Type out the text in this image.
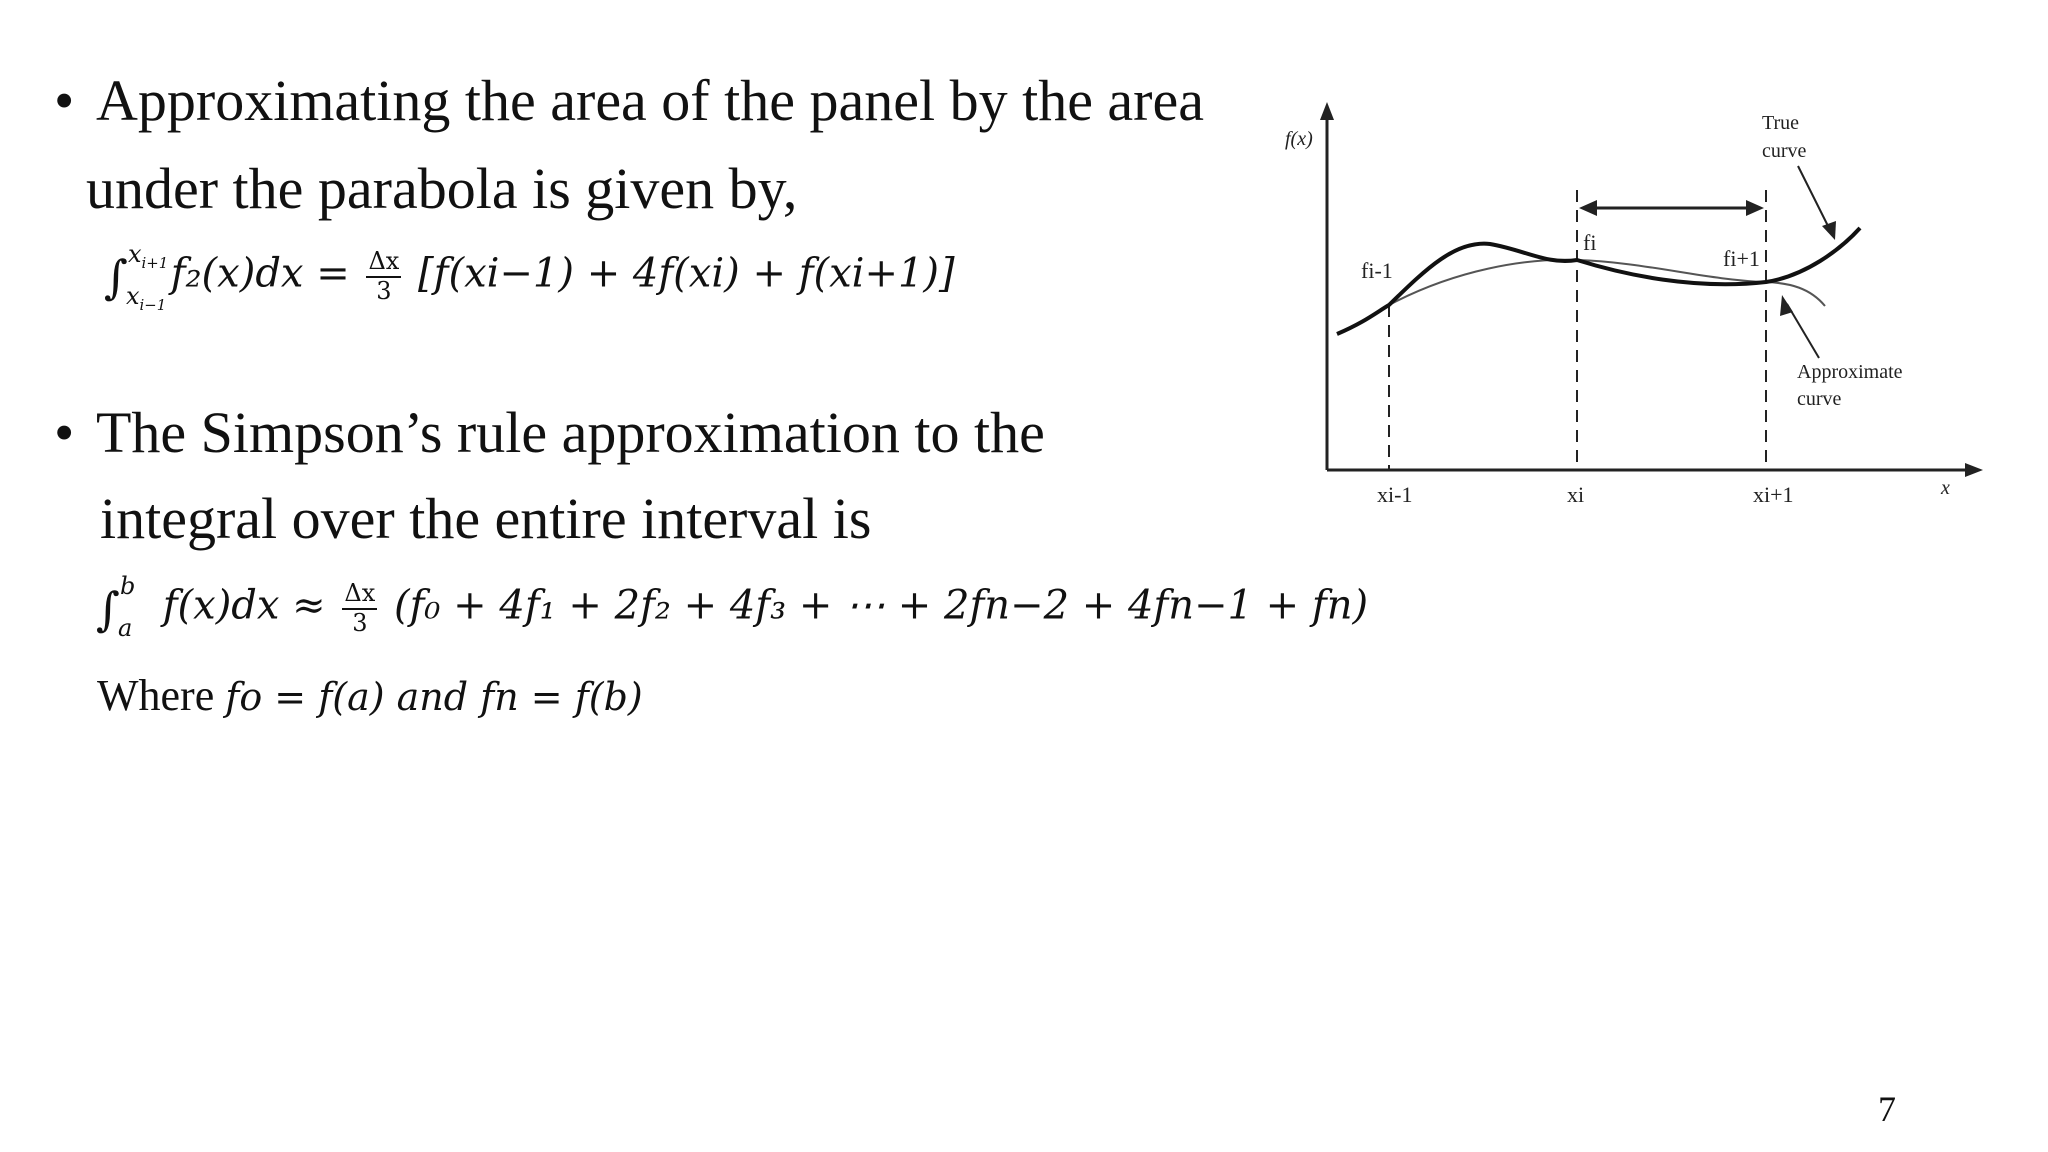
• Approximating the area of the panel by the area
under the parabola is given by,
∫ $x_{i+1}$
$x_{i-1}$
$f_2(x)dx = \frac{\Delta x}{3} [f(xi-1) + 4f(xi) + f(xi+1)]$
• The Simpson’s rule approximation to the
integral over the entire interval is
∫ b
a $f(x)dx \approx \frac{\Delta x}{3} (f_0 + 4f_1 + 2f_2 + 4f_3$ + ⋯ + 2fn−2 + 4fn−1 + fn)
Where fo = f(a) and fn = f(b)
f(x)
x
fi-1
fi
fi+1
xi-1	xi	xi+1
True
curve
Approximate
curve
7
